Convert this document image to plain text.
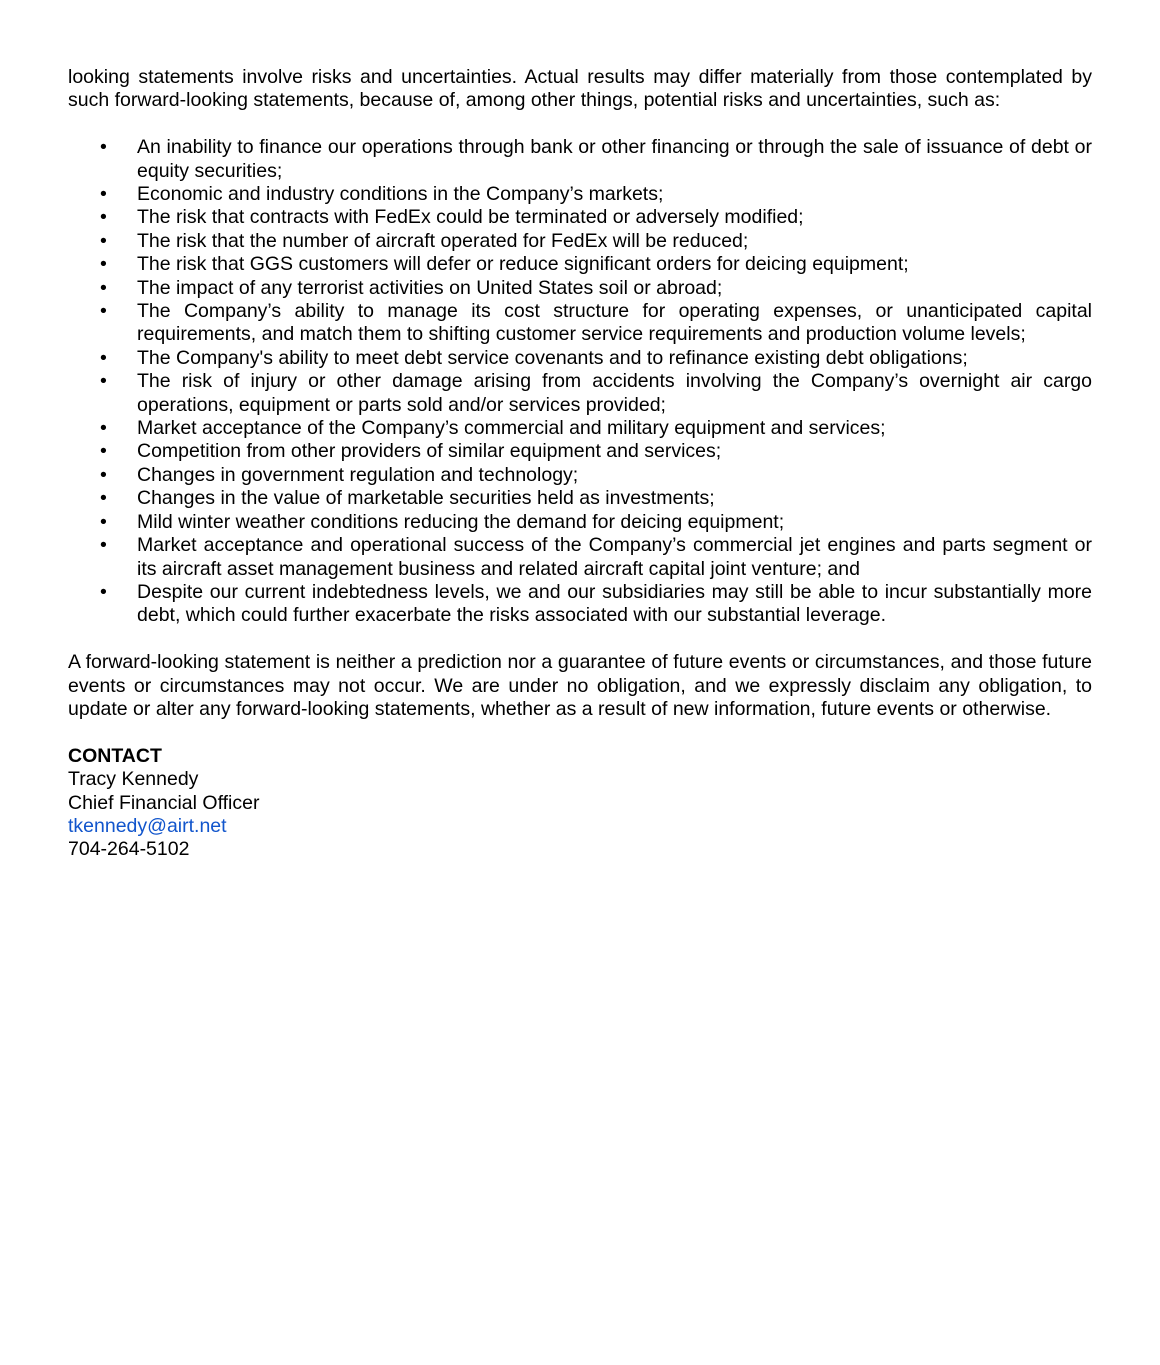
looking statements involve risks and uncertainties. Actual results may differ materially from those contemplated by such forward-looking statements, because of, among other things, potential risks and uncertainties, such as:

• An inability to finance our operations through bank or other financing or through the sale of issuance of debt or equity securities;
• Economic and industry conditions in the Company’s markets;
• The risk that contracts with FedEx could be terminated or adversely modified;
• The risk that the number of aircraft operated for FedEx will be reduced;
• The risk that GGS customers will defer or reduce significant orders for deicing equipment;
• The impact of any terrorist activities on United States soil or abroad;
• The Company’s ability to manage its cost structure for operating expenses, or unanticipated capital requirements, and match them to shifting customer service requirements and production volume levels;
• The Company's ability to meet debt service covenants and to refinance existing debt obligations;
• The risk of injury or other damage arising from accidents involving the Company’s overnight air cargo operations, equipment or parts sold and/or services provided;
• Market acceptance of the Company’s commercial and military equipment and services;
• Competition from other providers of similar equipment and services;
• Changes in government regulation and technology;
• Changes in the value of marketable securities held as investments;
• Mild winter weather conditions reducing the demand for deicing equipment;
• Market acceptance and operational success of the Company’s commercial jet engines and parts segment or its aircraft asset management business and related aircraft capital joint venture; and
• Despite our current indebtedness levels, we and our subsidiaries may still be able to incur substantially more debt, which could further exacerbate the risks associated with our substantial leverage.

A forward-looking statement is neither a prediction nor a guarantee of future events or circumstances, and those future events or circumstances may not occur. We are under no obligation, and we expressly disclaim any obligation, to update or alter any forward-looking statements, whether as a result of new information, future events or otherwise.

CONTACT
Tracy Kennedy
Chief Financial Officer
tkennedy@airt.net
704-264-5102
